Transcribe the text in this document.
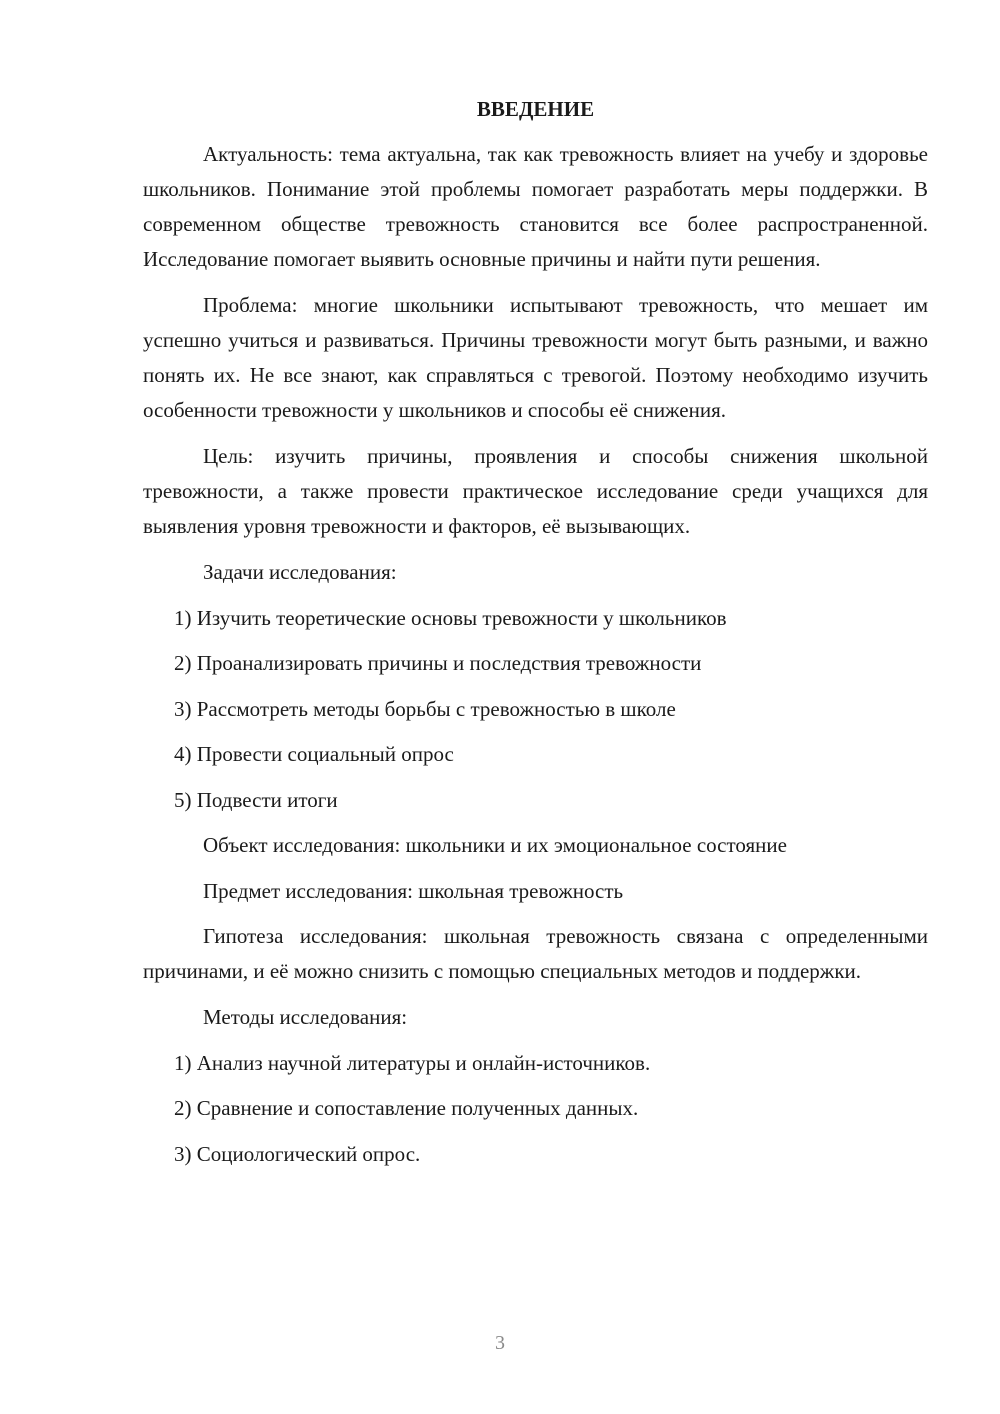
ВВЕДЕНИЕ

Актуальность: тема актуальна, так как тревожность влияет на учебу и здоровье школьников. Понимание этой проблемы помогает разработать меры поддержки. В современном обществе тревожность становится все более распространенной. Исследование помогает выявить основные причины и найти пути решения.

Проблема: многие школьники испытывают тревожность, что мешает им успешно учиться и развиваться. Причины тревожности могут быть разными, и важно понять их. Не все знают, как справляться с тревогой. Поэтому необходимо изучить особенности тревожности у школьников и способы её снижения.

Цель: изучить причины, проявления и способы снижения школьной тревожности, а также провести практическое исследование среди учащихся для выявления уровня тревожности и факторов, её вызывающих.

Задачи исследования:

1) Изучить теоретические основы тревожности у школьников

2) Проанализировать причины и последствия тревожности

3) Рассмотреть методы борьбы с тревожностью в школе

4) Провести социальный опрос

5) Подвести итоги

Объект исследования: школьники и их эмоциональное состояние

Предмет исследования: школьная тревожность

Гипотеза исследования: школьная тревожность связана с определенными причинами, и её можно снизить с помощью специальных методов и поддержки.

Методы исследования:

1) Анализ научной литературы и онлайн-источников.

2) Сравнение и сопоставление полученных данных.

3) Социологический опрос.

3
